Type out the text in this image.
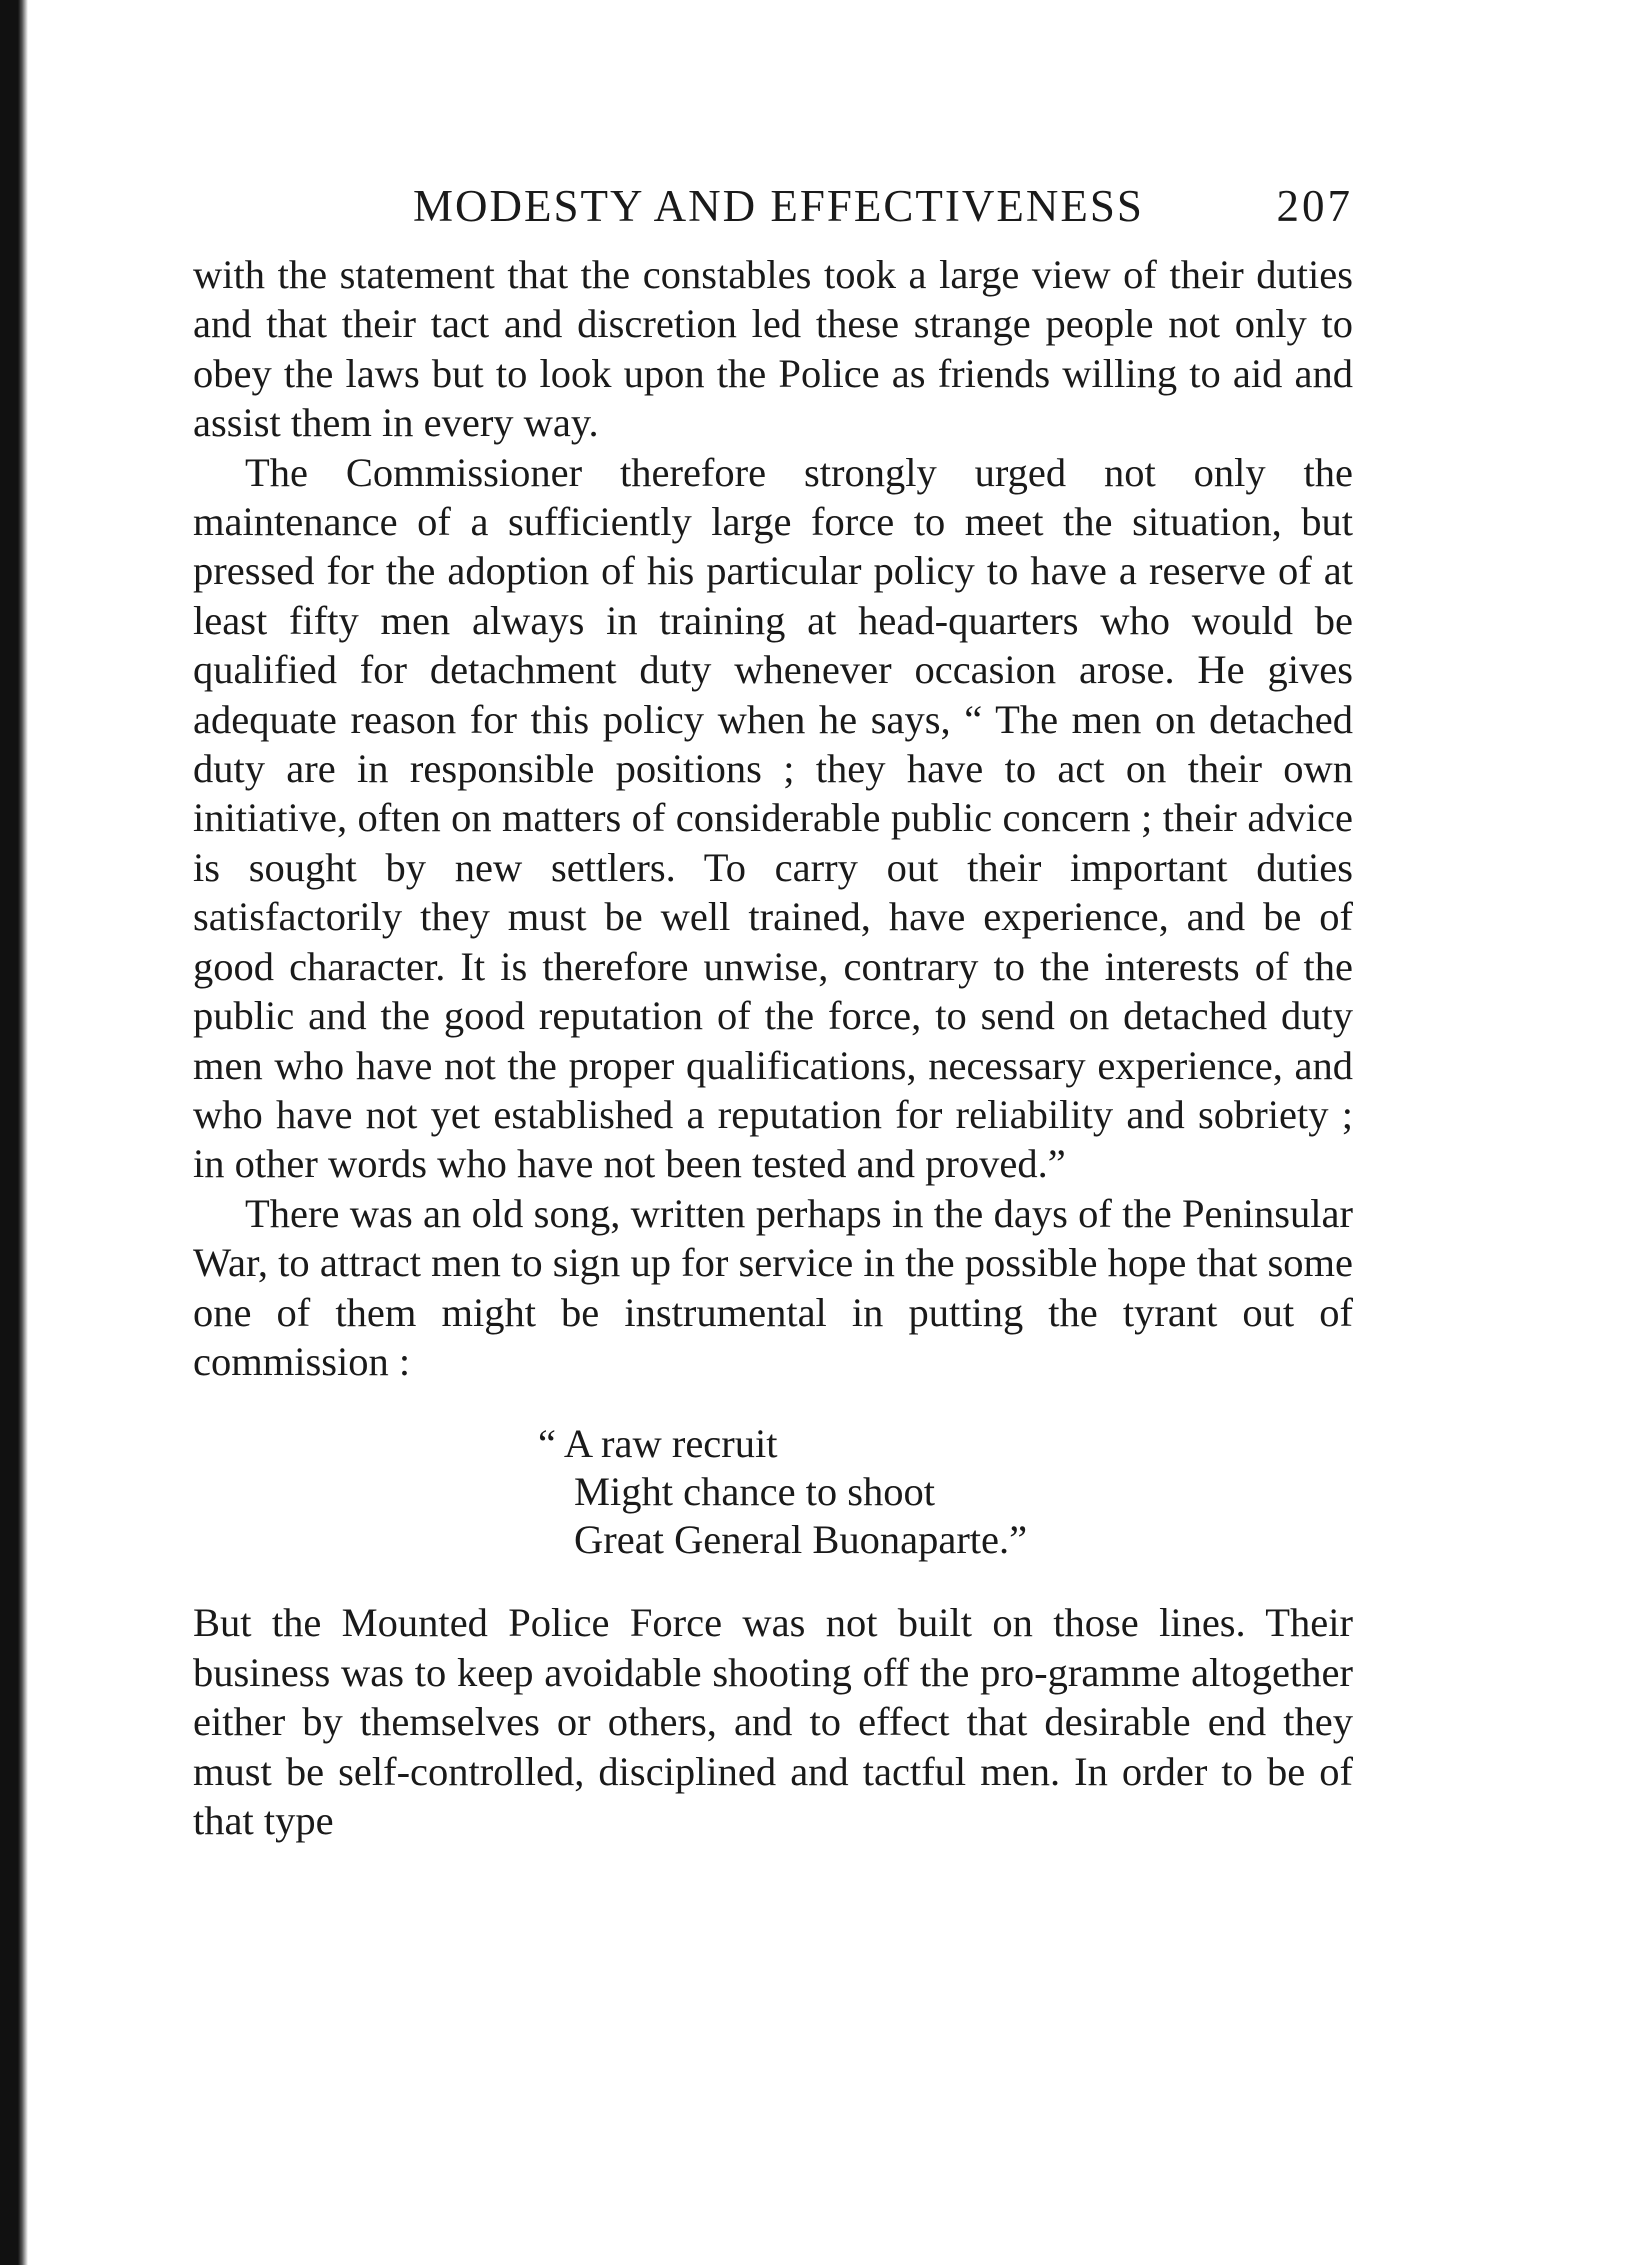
MODESTY AND EFFECTIVENESS	207

with the statement that the constables took a large view of their duties and that their tact and discretion led these strange people not only to obey the laws but to look upon the Police as friends willing to aid and assist them in every way.

The Commissioner therefore strongly urged not only the maintenance of a sufficiently large force to meet the situation, but pressed for the adoption of his particular policy to have a reserve of at least fifty men always in training at head-quarters who would be qualified for detachment duty whenever occasion arose. He gives adequate reason for this policy when he says, “ The men on detached duty are in responsible positions ; they have to act on their own initiative, often on matters of considerable public concern ; their advice is sought by new settlers. To carry out their important duties satisfactorily they must be well trained, have experience, and be of good character. It is therefore unwise, contrary to the interests of the public and the good reputation of the force, to send on detached duty men who have not the proper qualifications, necessary experience, and who have not yet established a reputation for reliability and sobriety ; in other words who have not been tested and proved.”

There was an old song, written perhaps in the days of the Peninsular War, to attract men to sign up for service in the possible hope that some one of them might be instrumental in putting the tyrant out of commission :

“ A raw recruit
Might chance to shoot
Great General Buonaparte.”

But the Mounted Police Force was not built on those lines. Their business was to keep avoidable shooting off the pro-gramme altogether either by themselves or others, and to effect that desirable end they must be self-controlled, disciplined and tactful men. In order to be of that type
